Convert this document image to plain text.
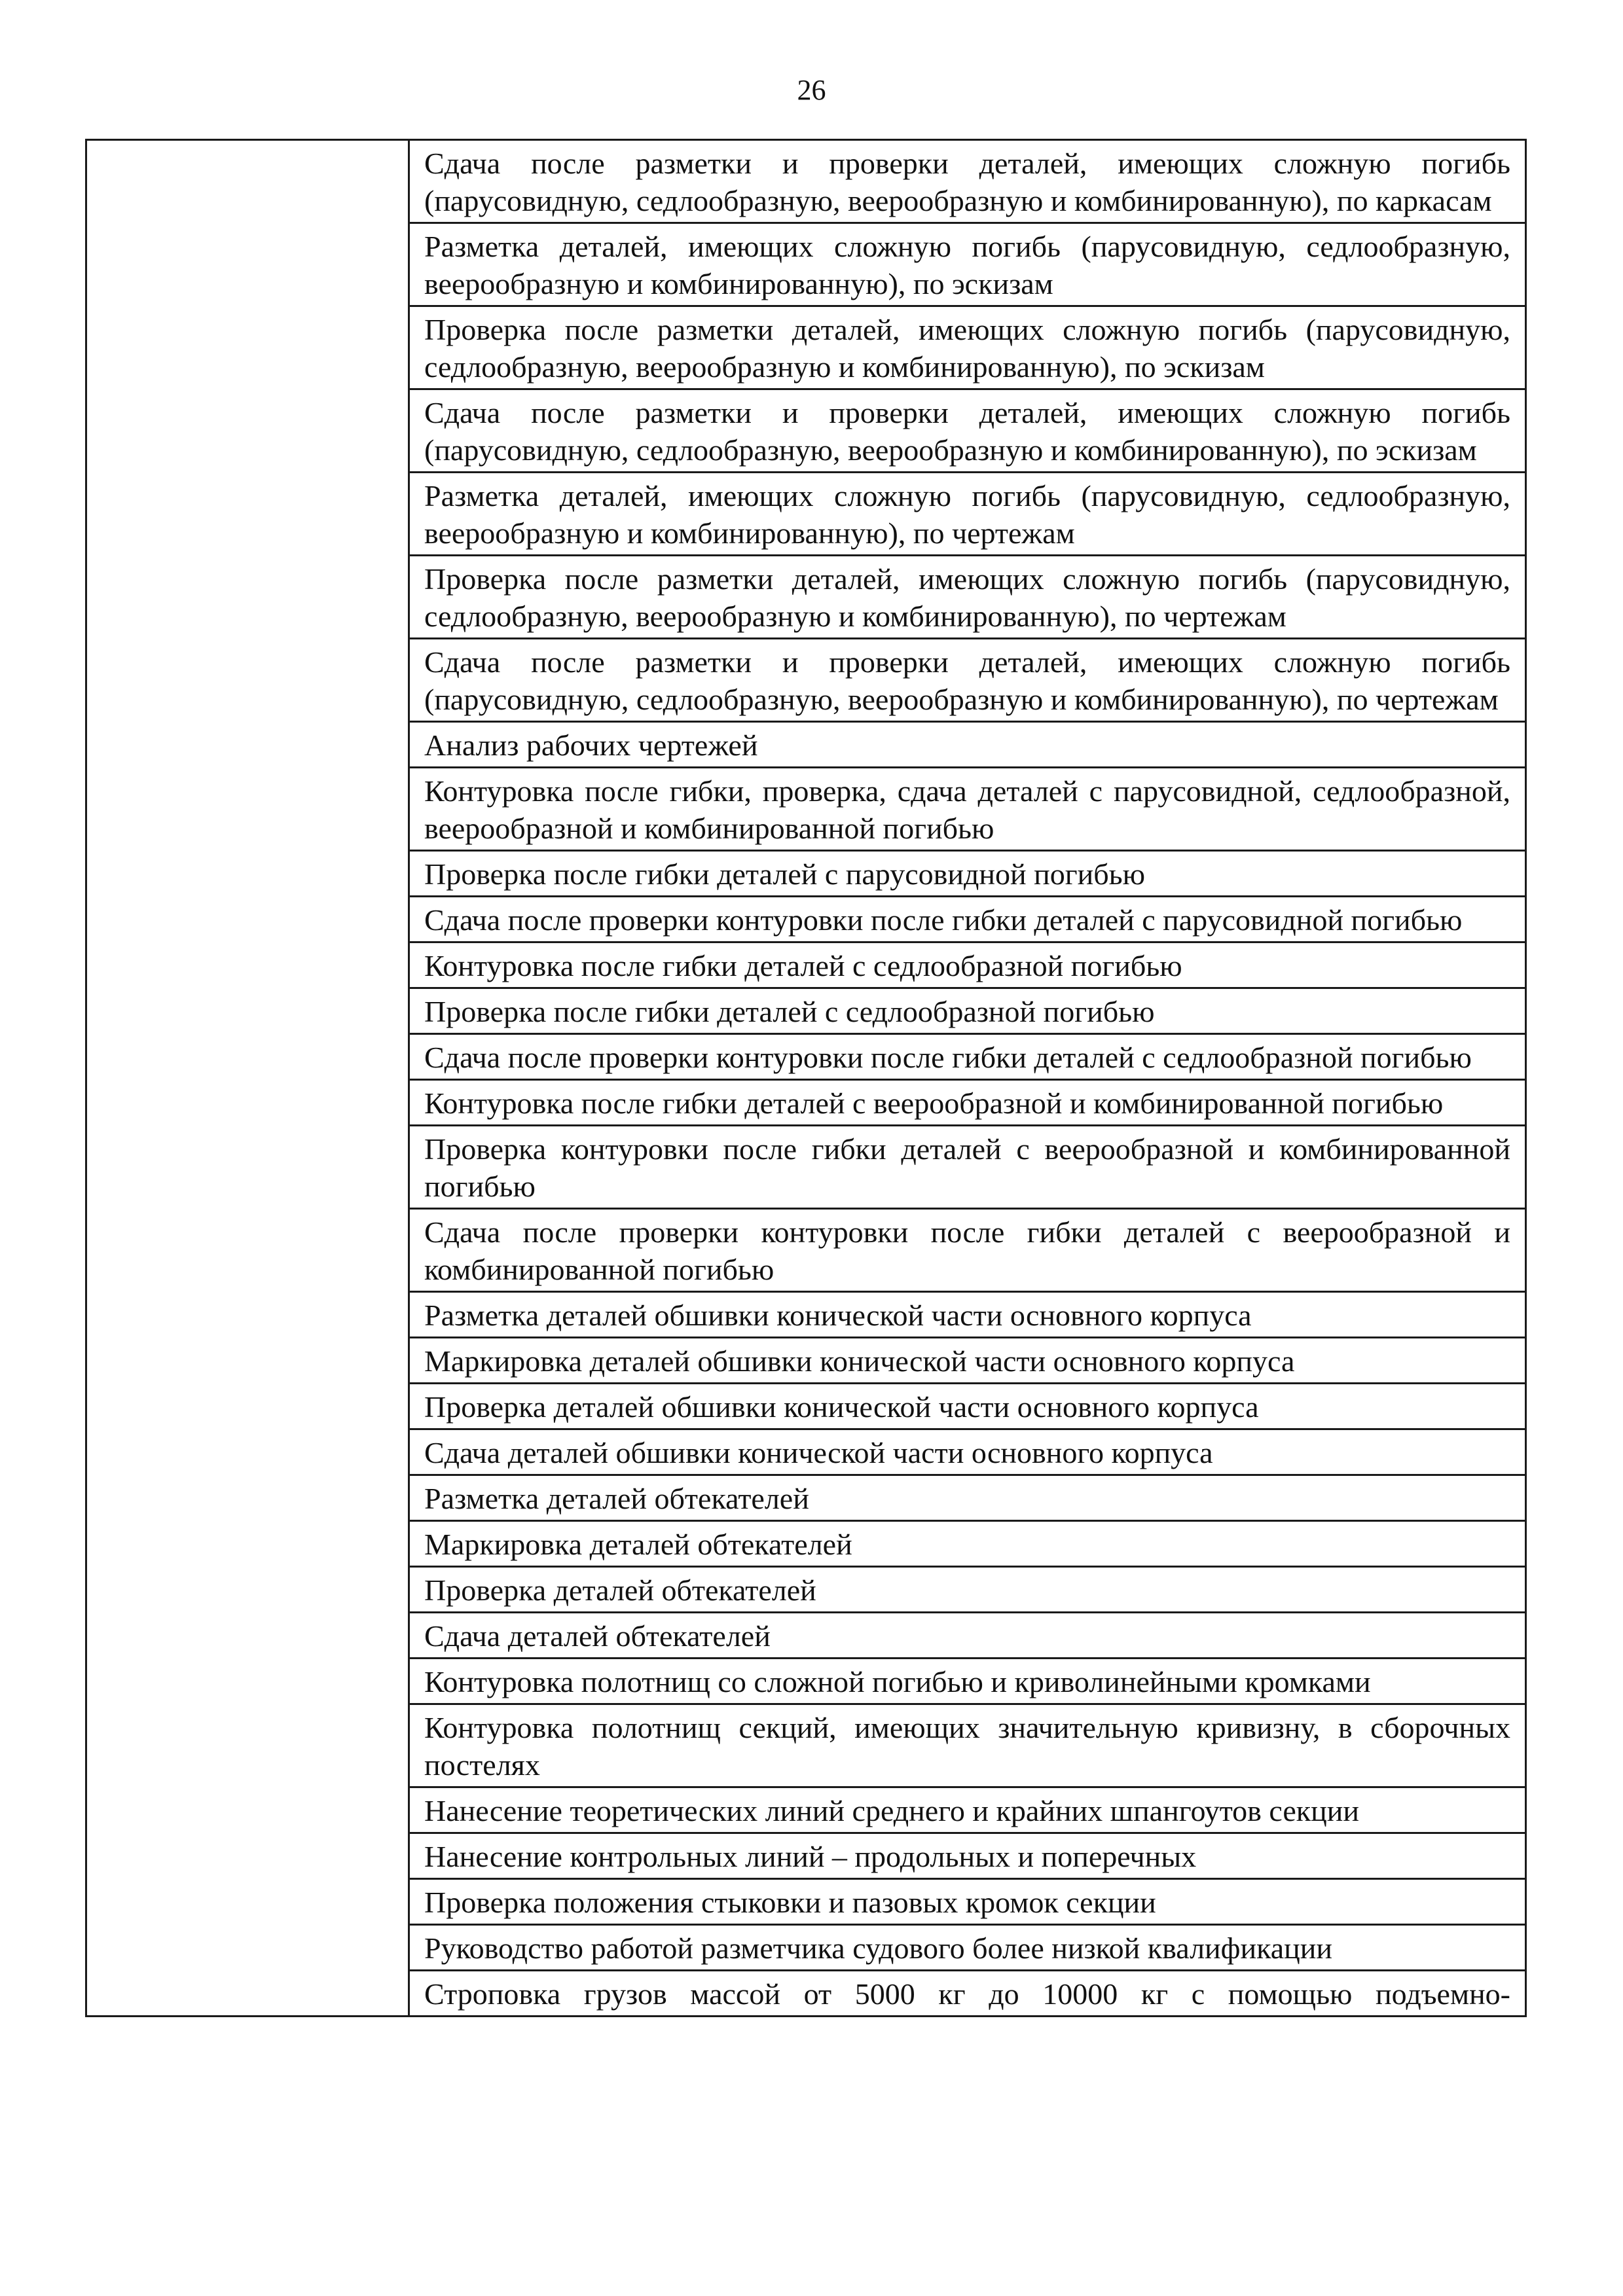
26
	Сдача после разметки и проверки деталей, имеющих сложную погибь (парусовидную, седлообразную, веерообразную и комбинированную), по каркасам
Разметка деталей, имеющих сложную погибь (парусовидную, седлообразную, веерообразную и комбинированную), по эскизам
Проверка после разметки деталей, имеющих сложную погибь (парусовидную, седлообразную, веерообразную и комбинированную), по эскизам
Сдача после разметки и проверки деталей, имеющих сложную погибь (парусовидную, седлообразную, веерообразную и комбинированную), по эскизам
Разметка деталей, имеющих сложную погибь (парусовидную, седлообразную, веерообразную и комбинированную), по чертежам
Проверка после разметки деталей, имеющих сложную погибь (парусовидную, седлообразную, веерообразную и комбинированную), по чертежам
Сдача после разметки и проверки деталей, имеющих сложную погибь (парусовидную, седлообразную, веерообразную и комбинированную), по чертежам
Анализ рабочих чертежей
Контуровка после гибки, проверка, сдача деталей с парусовидной, седлообразной, веерообразной и комбинированной погибью
Проверка после гибки деталей с парусовидной погибью
Сдача после проверки контуровки после гибки деталей с парусовидной погибью
Контуровка после гибки деталей с седлообразной погибью
Проверка после гибки деталей с седлообразной погибью
Сдача после проверки контуровки после гибки деталей с седлообразной погибью
Контуровка после гибки деталей с веерообразной и комбинированной погибью
Проверка контуровки после гибки деталей с веерообразной и комбинированной погибью
Сдача после проверки контуровки после гибки деталей с веерообразной и комбинированной погибью
Разметка деталей обшивки конической части основного корпуса
Маркировка деталей обшивки конической части основного корпуса
Проверка деталей обшивки конической части основного корпуса
Сдача деталей обшивки конической части основного корпуса
Разметка деталей обтекателей
Маркировка деталей обтекателей
Проверка деталей обтекателей
Сдача деталей обтекателей
Контуровка полотнищ со сложной погибью и криволинейными кромками
Контуровка полотнищ секций, имеющих значительную кривизну, в сборочных постелях
Нанесение теоретических линий среднего и крайних шпангоутов секции
Нанесение контрольных линий – продольных и поперечных
Проверка положения стыковки и пазовых кромок секции
Руководство работой разметчика судового более низкой квалификации
Строповка грузов массой от 5000 кг до 10000 кг с помощью подъемно-
